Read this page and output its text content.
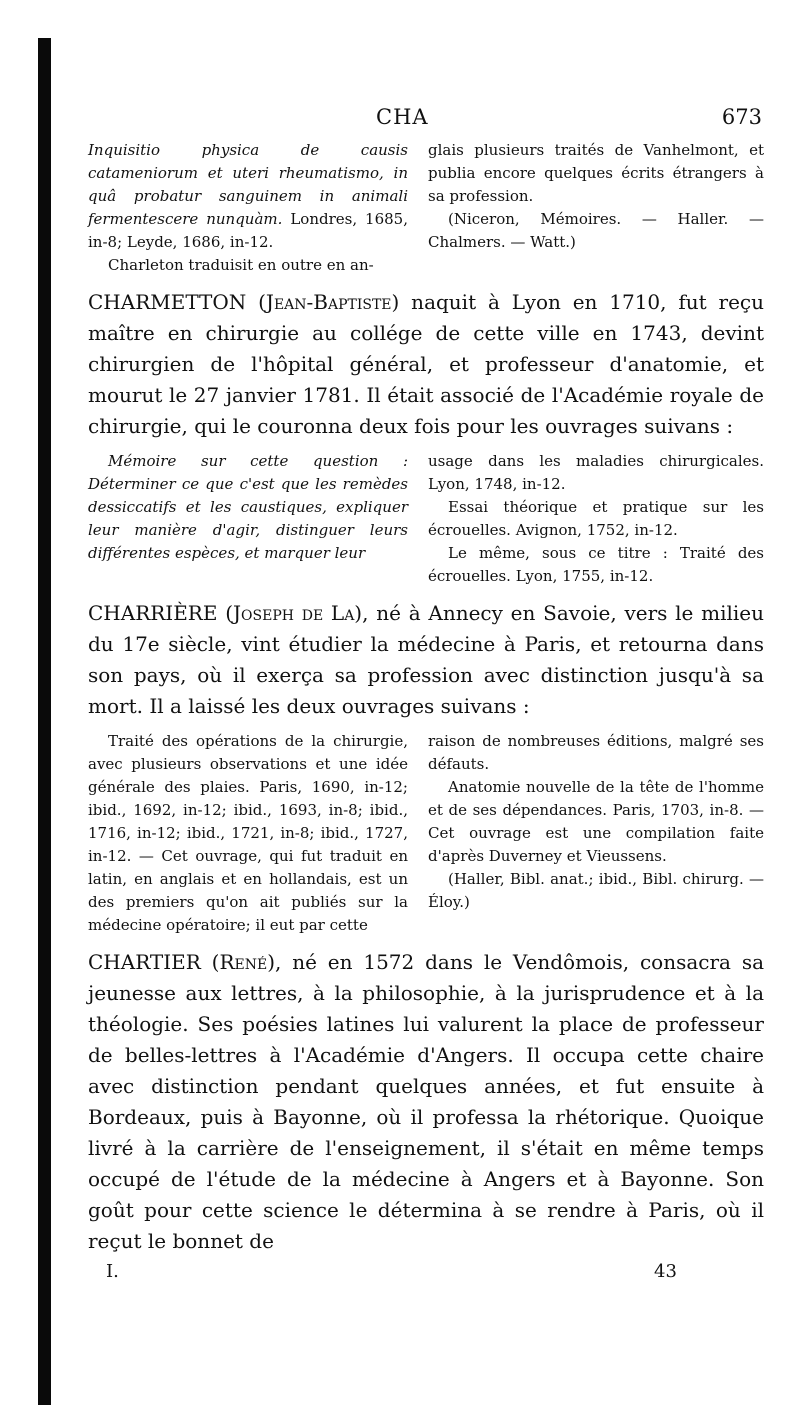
CHA	673

Inquisitio physica de causis catameniorum et uteri rheumatismo, in quâ probatur sanguinem in animali fermentescere nunquàm. Londres, 1685, in-8; Leyde, 1686, in-12.

Charleton traduisit en outre en an-

glais plusieurs traités de Vanhelmont, et publia encore quelques écrits étrangers à sa profession.

(Niceron, Mémoires. — Haller. — Chalmers. — Watt.)

CHARMETTON (Jean-Baptiste) naquit à Lyon en 1710, fut reçu maître en chirurgie au collége de cette ville en 1743, devint chirurgien de l'hôpital général, et professeur d'anatomie, et mourut le 27 janvier 1781. Il était associé de l'Académie royale de chirurgie, qui le couronna deux fois pour les ouvrages suivans :

Mémoire sur cette question : Déterminer ce que c'est que les remèdes dessiccatifs et les caustiques, expliquer leur manière d'agir, distinguer leurs différentes espèces, et marquer leur

usage dans les maladies chirurgicales. Lyon, 1748, in-12.

Essai théorique et pratique sur les écrouelles. Avignon, 1752, in-12.

Le même, sous ce titre : Traité des écrouelles. Lyon, 1755, in-12.

CHARRIÈRE (Joseph de La), né à Annecy en Savoie, vers le milieu du 17e siècle, vint étudier la médecine à Paris, et retourna dans son pays, où il exerça sa profession avec distinction jusqu'à sa mort. Il a laissé les deux ouvrages suivans :

Traité des opérations de la chirurgie, avec plusieurs observations et une idée générale des plaies. Paris, 1690, in-12; ibid., 1692, in-12; ibid., 1693, in-8; ibid., 1716, in-12; ibid., 1721, in-8; ibid., 1727, in-12. — Cet ouvrage, qui fut traduit en latin, en anglais et en hollandais, est un des premiers qu'on ait publiés sur la médecine opératoire; il eut par cette

raison de nombreuses éditions, malgré ses défauts.

Anatomie nouvelle de la tête de l'homme et de ses dépendances. Paris, 1703, in-8. — Cet ouvrage est une compilation faite d'après Duverney et Vieussens.

(Haller, Bibl. anat.; ibid., Bibl. chirurg. — Éloy.)

CHARTIER (René), né en 1572 dans le Vendômois, consacra sa jeunesse aux lettres, à la philosophie, à la jurisprudence et à la théologie. Ses poésies latines lui valurent la place de professeur de belles-lettres à l'Académie d'Angers. Il occupa cette chaire avec distinction pendant quelques années, et fut ensuite à Bordeaux, puis à Bayonne, où il professa la rhétorique. Quoique livré à la carrière de l'enseignement, il s'était en même temps occupé de l'étude de la médecine à Angers et à Bayonne. Son goût pour cette science le détermina à se rendre à Paris, où il reçut le bonnet de

I.	43
